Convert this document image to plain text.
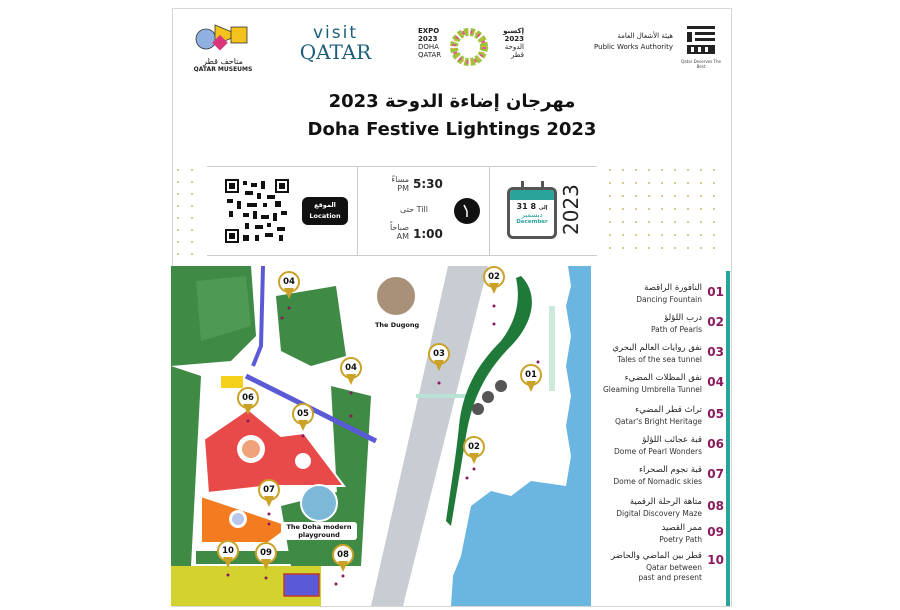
متاحف قطر
QATAR MUSEUMS
visit
QATAR
EXPO
2023
DOHA
QATAR
إكسبو
2023
الدوحة
قطر
هيئة الأشغال العامة
Public Works Authority
Qatar Deserves The Best
مهرجان إضاءة الدوحة 2023
Doha Festive Lightings 2023
الموقع
Location
مساءً
PM 5:30
حتى Till
صباحاً
AM 1:00
31 إلى 8
ديسمبر
December 2023
The Dugong
04	02
03
04
01
06
05
02
07
10	09	08
The Doha modern playground
01
النافورة الراقصة
Dancing Fountain
02
درب اللؤلؤ
Path of Pearls
03
نفق روايات العالم البحري
Tales of the sea tunnel
04
نفق المظلات المضيء
Gleaming Umbrella Tunnel
05
تراث قطر المضيء
Qatar's Bright Heritage
06
قبة عجائب اللؤلؤ
Dome of Pearl Wonders
07
قبة نجوم الصحراء
Dome of Nomadic skies
08
متاهة الرحلة الرقمية
Digital Discovery Maze
09
ممر القصيد
Poetry Path
10
قطر بين الماضي والحاضر
Qatar between past and present
